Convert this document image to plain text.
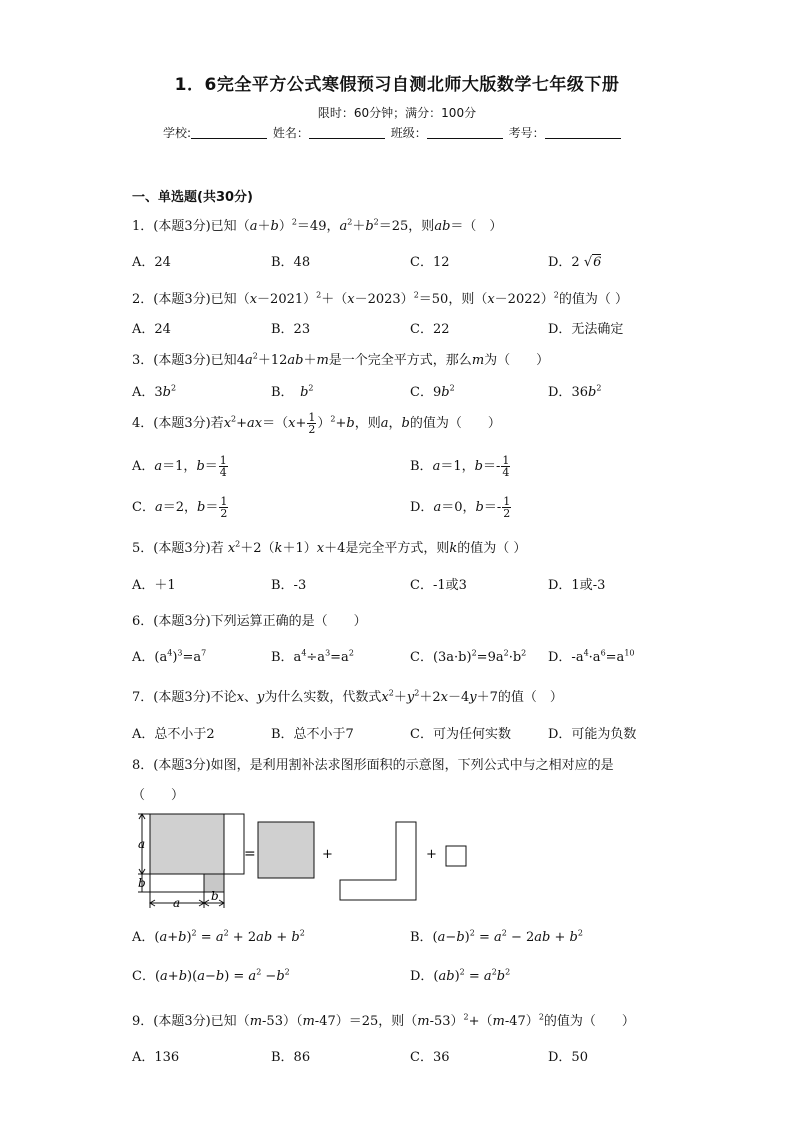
1．6完全平方公式寒假预习自测北师大版数学七年级下册
限时：60分钟；满分：100分
学校:	姓名：	班级：	考号：
一、单选题(共30分)
1．(本题3分)已知$(a+b)^2=49$，$a^2+b^2=25$，则ab＝（　）
A．24	B．48	C．12	D．2 √6
2．(本题3分)已知$(x-2021)^2+(x-2023)^2=50$，则$(x-2022)^2$的值为（ ）
A．24	B．23	C．22	D．无法确定
3．(本题3分)已知$4a^2+12ab+m$是一个完全平方式，那么m为（　　）
A．$3b^2$	B．　 $b^2$	C．$9b^2$	D．$36b^2$
4．(本题3分)若$x^2+ax=(x+ \frac{1}{2} )^2+b$，则a，b的值为（　　）
A．a＝1，$b= \frac{1}{4}$	B．a＝1，$b=- \frac{1}{4}$
C．a＝2，$b= \frac{1}{2}$	D．a＝0，$b=- \frac{1}{2}$
5．(本题3分)若 $x^2+2(k+1)x+4$是完全平方式，则k的值为（ ）
A．＋1	B．-3	C．-1或3	D．1或-3
6．(本题3分)下列运算正确的是（　　）
A．$(a^4)^3=a^7$	B．$a^4\div a^3=a^2$	C．$(3a\cdot b)^2=9a^2\cdot b^2$ D．$-a^4\cdot a^6=a^{10}$
7．(本题3分)不论x、y为什么实数，代数式$x^2+y^2+2x-4y+7$的值（　）
A．总不小于2	B．总不小于7	C．可为任何实数	D．可能为负数
8．(本题3分)如图，是利用割补法求图形面积的示意图，下列公式中与之相对应的是
（　　）
a
b
a	b
=	+	+
A．$(a+b)^2 = a^2 + 2ab + b^2$	B．$(a-b)^2 = a^2 - 2ab + b^2$
C．$(a+b)(a-b) = a^2 -b^2$	D．$(ab)^2 = a^2b^2$
9．(本题3分)已知（m-53）（m-47）＝25，则$(m-53)^2+(m-47)^2$的值为（　　）
A．136	B．86	C．36	D．50
